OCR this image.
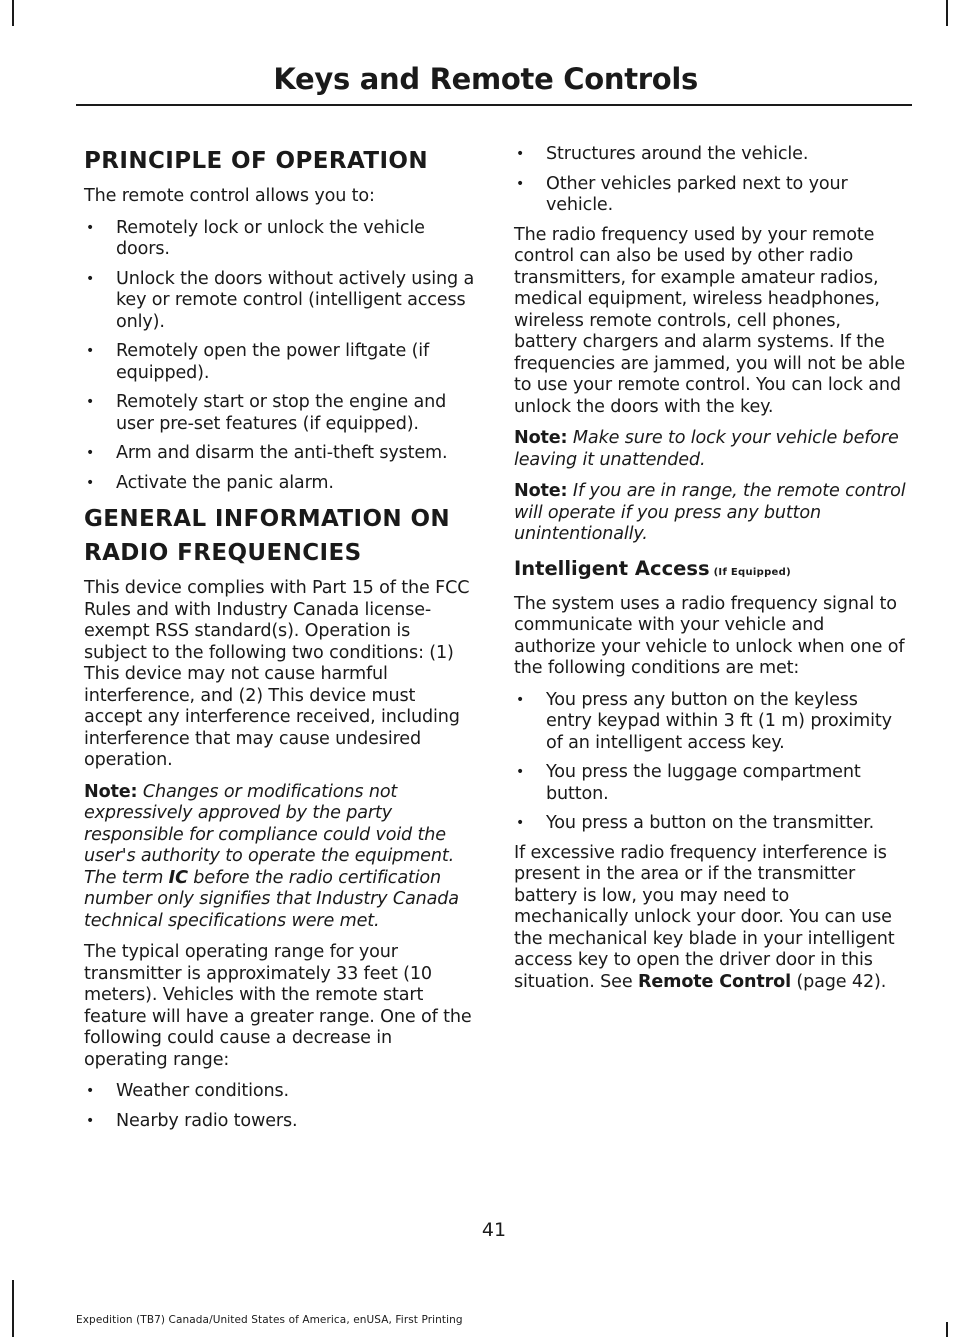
Keys and Remote Controls
PRINCIPLE OF OPERATION

The remote control allows you to:

• Remotely lock or unlock the vehicle doors.
• Unlock the doors without actively using a key or remote control (intelligent access only).
• Remotely open the power liftgate (if equipped).
• Remotely start or stop the engine and user pre-set features (if equipped).
• Arm and disarm the anti-theft system.
• Activate the panic alarm.
GENERAL INFORMATION ON
RADIO FREQUENCIES

This device complies with Part 15 of the FCC Rules and with Industry Canada license-exempt RSS standard(s). Operation is subject to the following two conditions: (1) This device may not cause harmful interference, and (2) This device must accept any interference received, including interference that may cause undesired operation.

Note: Changes or modifications not expressively approved by the party responsible for compliance could void the user's authority to operate the equipment. The term IC before the radio certification number only signifies that Industry Canada technical specifications were met.

The typical operating range for your transmitter is approximately 33 feet (10 meters). Vehicles with the remote start feature will have a greater range. One of the following could cause a decrease in operating range:

• Weather conditions.
• Nearby radio towers.
• Structures around the vehicle.
• Other vehicles parked next to your vehicle.

The radio frequency used by your remote control can also be used by other radio transmitters, for example amateur radios, medical equipment, wireless headphones, wireless remote controls, cell phones, battery chargers and alarm systems. If the frequencies are jammed, you will not be able to use your remote control. You can lock and unlock the doors with the key.

Note: Make sure to lock your vehicle before leaving it unattended.

Note: If you are in range, the remote control will operate if you press any button unintentionally.

Intelligent Access (If Equipped)

The system uses a radio frequency signal to communicate with your vehicle and authorize your vehicle to unlock when one of the following conditions are met:

• You press any button on the keyless entry keypad within 3 ft (1 m) proximity of an intelligent access key.
• You press the luggage compartment button.
• You press a button on the transmitter.

If excessive radio frequency interference is present in the area or if the transmitter battery is low, you may need to mechanically unlock your door. You can use the mechanical key blade in your intelligent access key to open the driver door in this situation. See Remote Control (page 42).

41

Expedition (TB7) Canada/United States of America, enUSA, First Printing
